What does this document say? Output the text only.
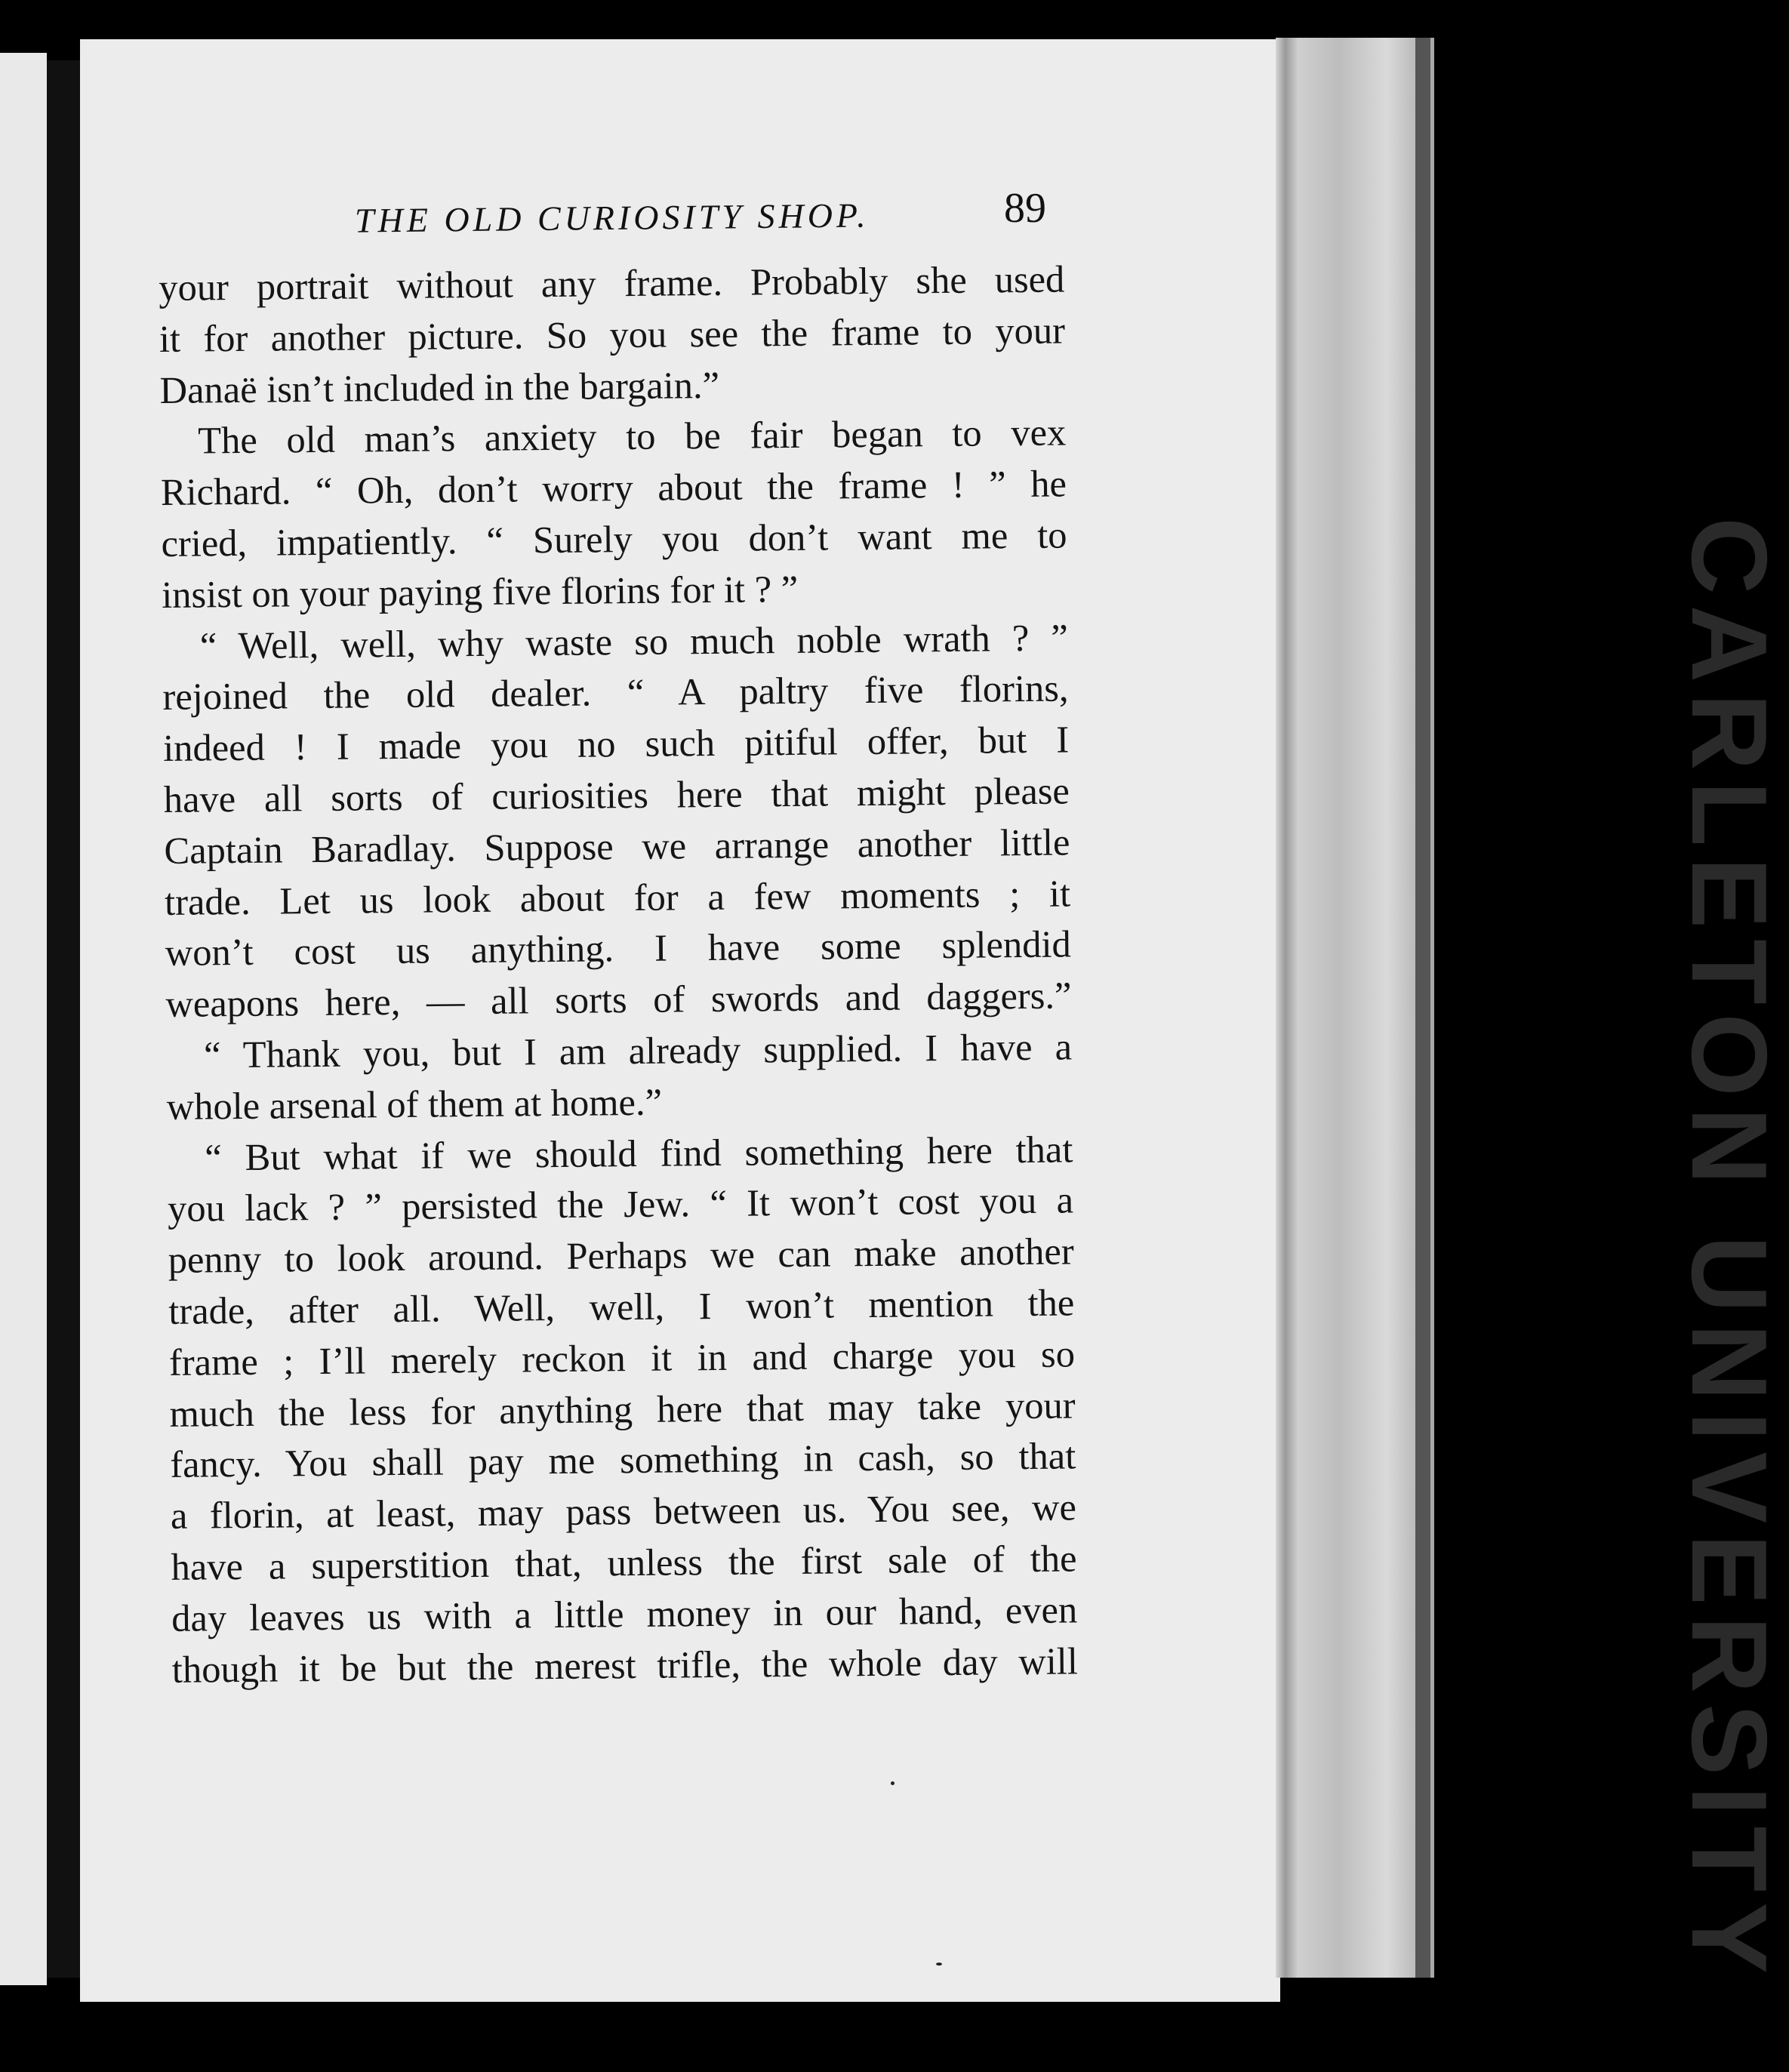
CARLETON UNIVERSITY
THE OLD CURIOSITY SHOP.	89
your portrait without any frame. Probably she used
it for another picture. So you see the frame to your
Danaë isn’t included in the bargain.”
The old man’s anxiety to be fair began to vex
Richard. “ Oh, don’t worry about the frame ! ” he
cried, impatiently. “ Surely you don’t want me to
insist on your paying five florins for it ? ”
“ Well, well, why waste so much noble wrath ? ”
rejoined the old dealer. “ A paltry five florins,
indeed ! I made you no such pitiful offer, but I
have all sorts of curiosities here that might please
Captain Baradlay. Suppose we arrange another little
trade. Let us look about for a few moments ; it
won’t cost us anything. I have some splendid
weapons here, — all sorts of swords and daggers.”
“ Thank you, but I am already supplied. I have a
whole arsenal of them at home.”
“ But what if we should find something here that
you lack ? ” persisted the Jew. “ It won’t cost you a
penny to look around. Perhaps we can make another
trade, after all. Well, well, I won’t mention the
frame ; I’ll merely reckon it in and charge you so
much the less for anything here that may take your
fancy. You shall pay me something in cash, so that
a florin, at least, may pass between us. You see, we
have a superstition that, unless the first sale of the
day leaves us with a little money in our hand, even
though it be but the merest trifle, the whole day will
